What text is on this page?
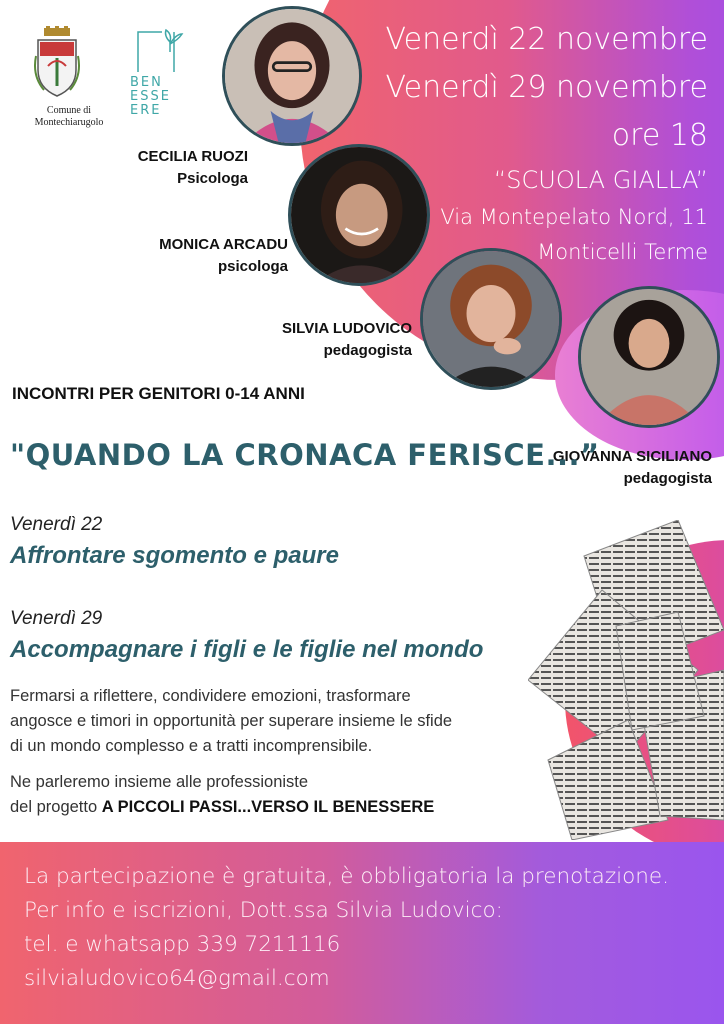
Comune di
Montechiarugolo
BEN
ESSE
ERE
Venerdì 22 novembre
Venerdì 29 novembre
ore 18
“SCUOLA GIALLA”
Via Montepelato Nord, 11
Monticelli Terme
CECILIA RUOZI
Psicologa
MONICA ARCADU
psicologa
SILVIA LUDOVICO
pedagogista
GIOVANNA SICILIANO
pedagogista
INCONTRI PER GENITORI 0-14 ANNI
"QUANDO LA CRONACA FERISCE...”
Venerdì 22
Affrontare sgomento e paure
Venerdì 29
Accompagnare i figli e le figlie nel mondo
Fermarsi a riflettere, condividere emozioni, trasformare
angosce e timori in opportunità per superare insieme le sfide
di un mondo complesso e a tratti incomprensibile.
Ne parleremo insieme alle professioniste
del progetto A PICCOLI PASSI...VERSO IL BENESSERE
La partecipazione è gratuita, è obbligatoria la prenotazione.
Per info e iscrizioni, Dott.ssa Silvia Ludovico:
tel. e whatsapp 339 7211116
silvialudovico64@gmail.com
